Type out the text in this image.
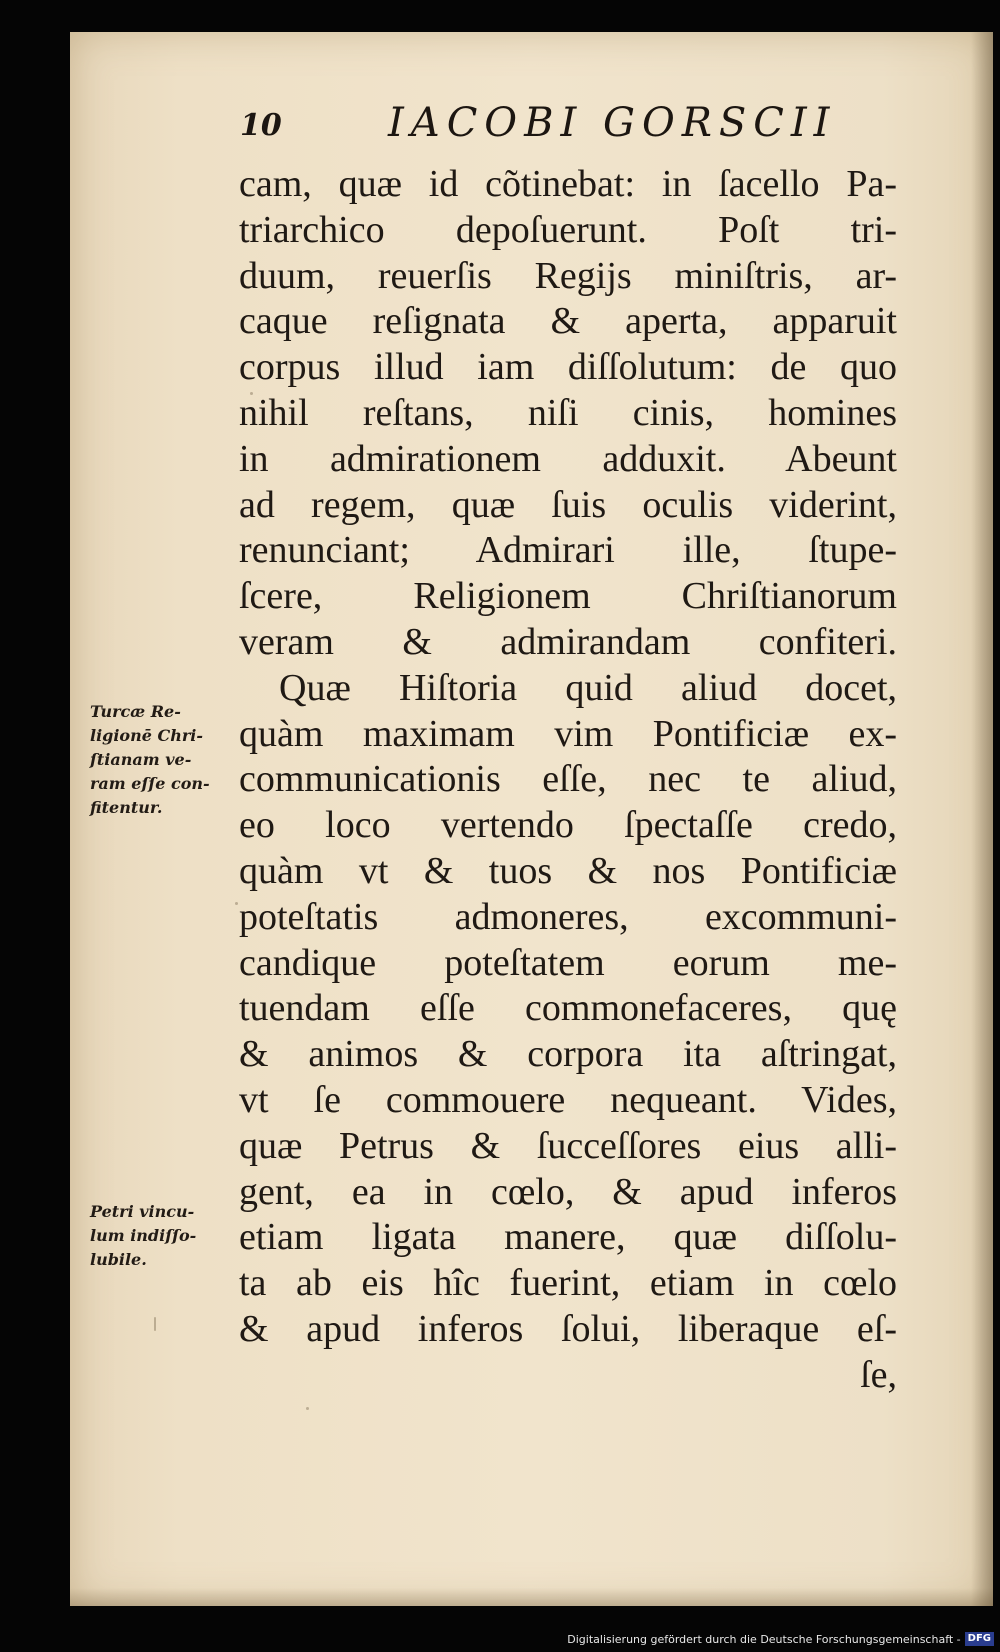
10	IACOBI GORSCII
cam, quæ id cõtinebat: in ſacello Pa-
triarchico depoſuerunt. Poſt tri-
duum, reuerſis Regijs miniſtris, ar-
caque reſignata & aperta, apparuit
corpus illud iam diſſolutum: de quo
nihil reſtans, niſi cinis, homines
in admirationem adduxit. Abeunt
ad regem, quæ ſuis oculis viderint,
renunciant; Admirari ille, ſtupe-
ſcere, Religionem Chriſtianorum
veram & admirandam confiteri.
Quæ Hiſtoria quid aliud docet,
quàm maximam vim Pontificiæ ex-
communicationis eſſe, nec te aliud,
eo loco vertendo ſpectaſſe credo,
quàm vt & tuos & nos Pontificiæ
poteſtatis admoneres, excommuni-
candique poteſtatem eorum me-
tuendam eſſe commonefaceres, quę
& animos & corpora ita aſtringat,
vt ſe commouere nequeant. Vides,
quæ Petrus & ſucceſſores eius alli-
gent, ea in cœlo, & apud inferos
etiam ligata manere, quæ diſſolu-
ta ab eis hîc fuerint, etiam in cœlo
& apud inferos ſolui, liberaque eſ-
ſe,
Turcæ Re-
ligionē Chri-
ſtianam ve-
ram eſſe con-
fitentur.
Petri vincu-
lum indiſſo-
lubile.
Digitalisierung gefördert durch die Deutsche Forschungsgemeinschaft - DFG
